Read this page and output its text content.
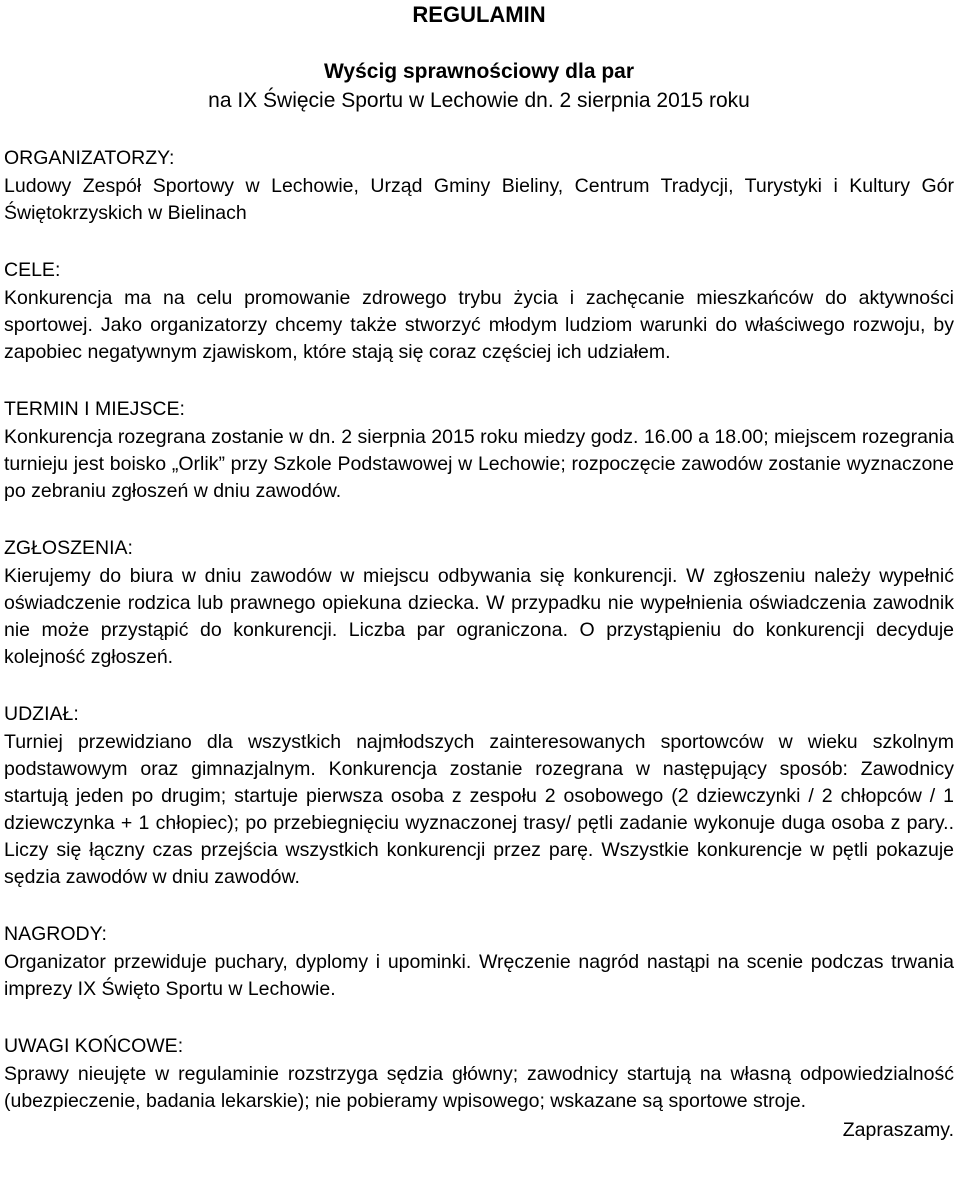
REGULAMIN
Wyścig sprawnościowy dla par
na IX Święcie Sportu w Lechowie dn. 2 sierpnia 2015 roku
ORGANIZATORZY:
Ludowy Zespół Sportowy w Lechowie, Urząd Gminy Bieliny, Centrum Tradycji, Turystyki i Kultury Gór Świętokrzyskich w Bielinach
CELE:
Konkurencja ma na celu promowanie zdrowego trybu życia i zachęcanie mieszkańców do aktywności sportowej. Jako organizatorzy chcemy także stworzyć młodym ludziom warunki do właściwego rozwoju, by zapobiec negatywnym zjawiskom, które stają się coraz częściej ich udziałem.
TERMIN I MIEJSCE:
Konkurencja rozegrana zostanie w dn. 2 sierpnia 2015 roku miedzy godz. 16.00 a 18.00; miejscem rozegrania turnieju jest boisko „Orlik” przy Szkole Podstawowej w Lechowie; rozpoczęcie zawodów zostanie wyznaczone po zebraniu zgłoszeń w dniu zawodów.
ZGŁOSZENIA:
Kierujemy do biura w dniu zawodów w miejscu odbywania się konkurencji. W zgłoszeniu należy wypełnić oświadczenie rodzica lub prawnego opiekuna dziecka. W przypadku nie wypełnienia oświadczenia zawodnik nie może przystąpić do konkurencji. Liczba par ograniczona. O przystąpieniu do konkurencji decyduje kolejność zgłoszeń.
UDZIAŁ:
Turniej przewidziano dla wszystkich najmłodszych zainteresowanych sportowców w wieku szkolnym podstawowym oraz gimnazjalnym. Konkurencja zostanie rozegrana w następujący sposób: Zawodnicy startują jeden po drugim; startuje pierwsza osoba z zespołu 2 osobowego (2 dziewczynki / 2 chłopców / 1 dziewczynka + 1 chłopiec); po przebiegnięciu wyznaczonej trasy/ pętli zadanie wykonuje duga osoba z pary.. Liczy się łączny czas przejścia wszystkich konkurencji przez parę. Wszystkie konkurencje w pętli pokazuje sędzia zawodów w dniu zawodów.
NAGRODY:
Organizator przewiduje puchary, dyplomy i upominki. Wręczenie nagród nastąpi na scenie podczas trwania imprezy IX Święto Sportu w Lechowie.
UWAGI KOŃCOWE:
Sprawy nieujęte w regulaminie rozstrzyga sędzia główny; zawodnicy startują na własną odpowiedzialność (ubezpieczenie, badania lekarskie); nie pobieramy wpisowego; wskazane są sportowe stroje.
Zapraszamy.
